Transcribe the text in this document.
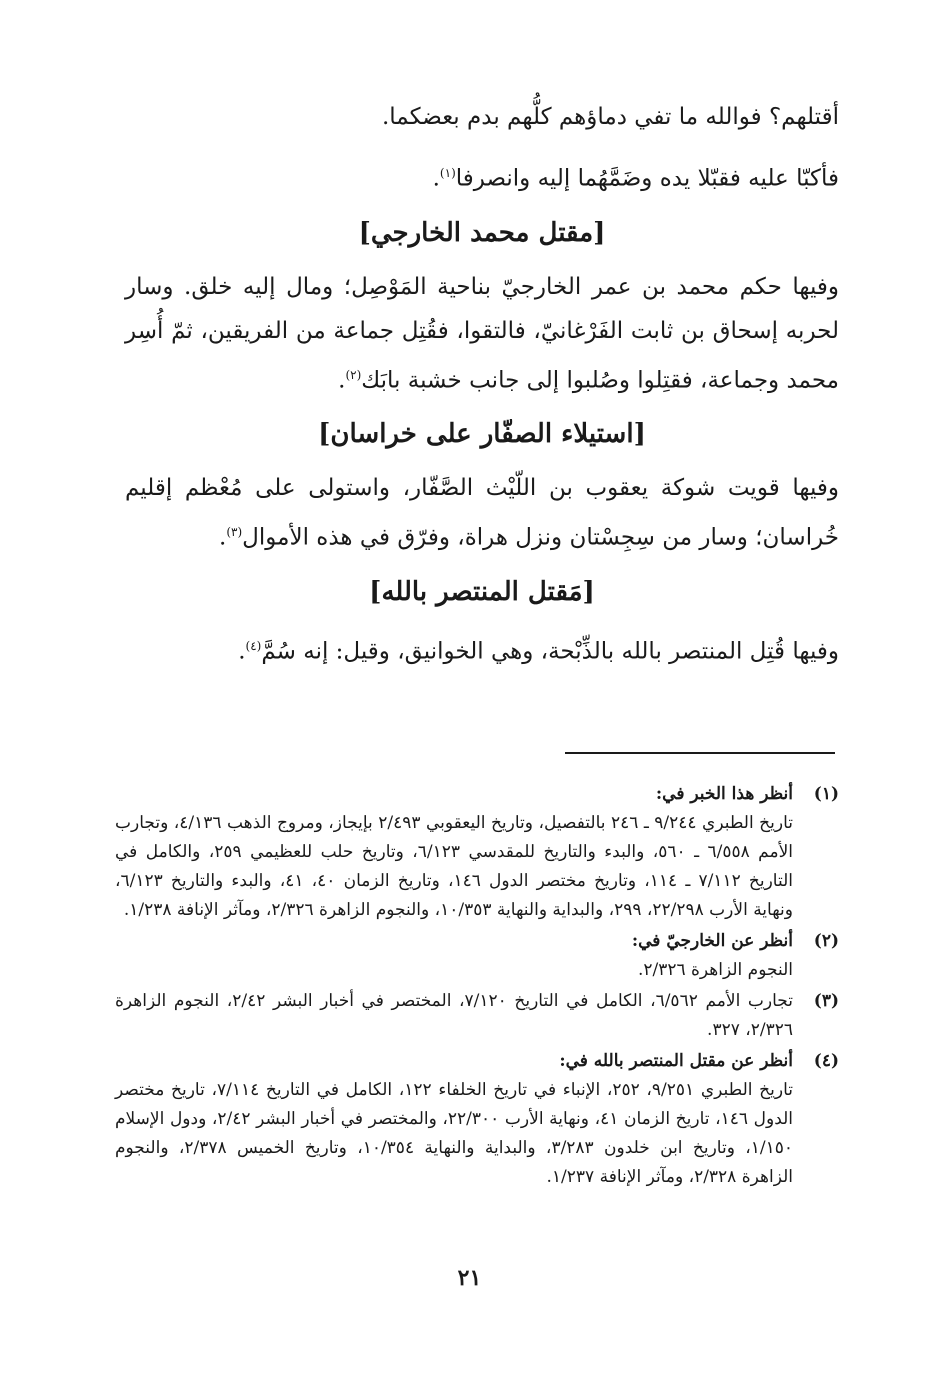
أقتلهم؟ فوالله ما تفي دماؤهم كلُّهم بدم بعضكما.

فأكبّا عليه فقبّلا يده وضَمَّهُما إليه وانصرفا$^{(١)}$.

[مقتل محمد الخارجي]

وفيها حكم محمد بن عمر الخارجيّ بناحية المَوْصِل؛ ومال إليه خلق. وسار لحربه إسحاق بن ثابت الفَرْغانيّ، فالتقوا، فقُتِل جماعة من الفريقين، ثمّ أُسِر محمد وجماعة، فقتِلوا وصُلبوا إلى جانب خشبة بابَك$^{(٢)}$.

[استيلاء الصفّار على خراسان]

وفيها قويت شوكة يعقوب بن اللّيْث الصَّفّار، واستولى على مُعْظم إقليم خُراسان؛ وسار من سِجِسْتان ونزل هراة، وفرّق في هذه الأموال$^{(٣)}$.

[مَقتل المنتصر بالله]

وفيها قُتِل المنتصر بالله بالذِّبْحة، وهي الخوانيق، وقيل: إنه سُمَّ$^{(٤)}$.

(١)
أنظر هذا الخبر في:
تاريخ الطبري ٩/٢٤٤ ـ ٢٤٦ بالتفصيل، وتاريخ اليعقوبي ٢/٤٩٣ بإيجاز، ومروج الذهب ٤/١٣٦، وتجارب الأمم ٦/٥٥٨ ـ ٥٦٠، والبدء والتاريخ للمقدسي ٦/١٢٣، وتاريخ حلب للعظيمي ٢٥٩، والكامل في التاريخ ٧/١١٢ ـ ١١٤، وتاريخ مختصر الدول ١٤٦، وتاريخ الزمان ٤٠، ٤١، والبدء والتاريخ ٦/١٢٣، ونهاية الأرب ٢٢/٢٩٨، ٢٩٩، والبداية والنهاية ١٠/٣٥٣، والنجوم الزاهرة ٢/٣٢٦، ومآثر الإنافة ١/٢٣٨.
(٢)
أنظر عن الخارجيّ في:
النجوم الزاهرة ٢/٣٢٦.
(٣)
تجارب الأمم ٦/٥٦٢، الكامل في التاريخ ٧/١٢٠، المختصر في أخبار البشر ٢/٤٢، النجوم الزاهرة ٢/٣٢٦، ٣٢٧.
(٤)
أنظر عن مقتل المنتصر بالله في:
تاريخ الطبري ٩/٢٥١، ٢٥٢، الإنباء في تاريخ الخلفاء ١٢٢، الكامل في التاريخ ٧/١١٤، تاريخ مختصر الدول ١٤٦، تاريخ الزمان ٤١، ونهاية الأرب ٢٢/٣٠٠، والمختصر في أخبار البشر ٢/٤٢، ودول الإسلام ١/١٥٠، وتاريخ ابن خلدون ٣/٢٨٣، والبداية والنهاية ١٠/٣٥٤، وتاريخ الخميس ٢/٣٧٨، والنجوم الزاهرة ٢/٣٢٨، ومآثر الإنافة ١/٢٣٧.
٢١
